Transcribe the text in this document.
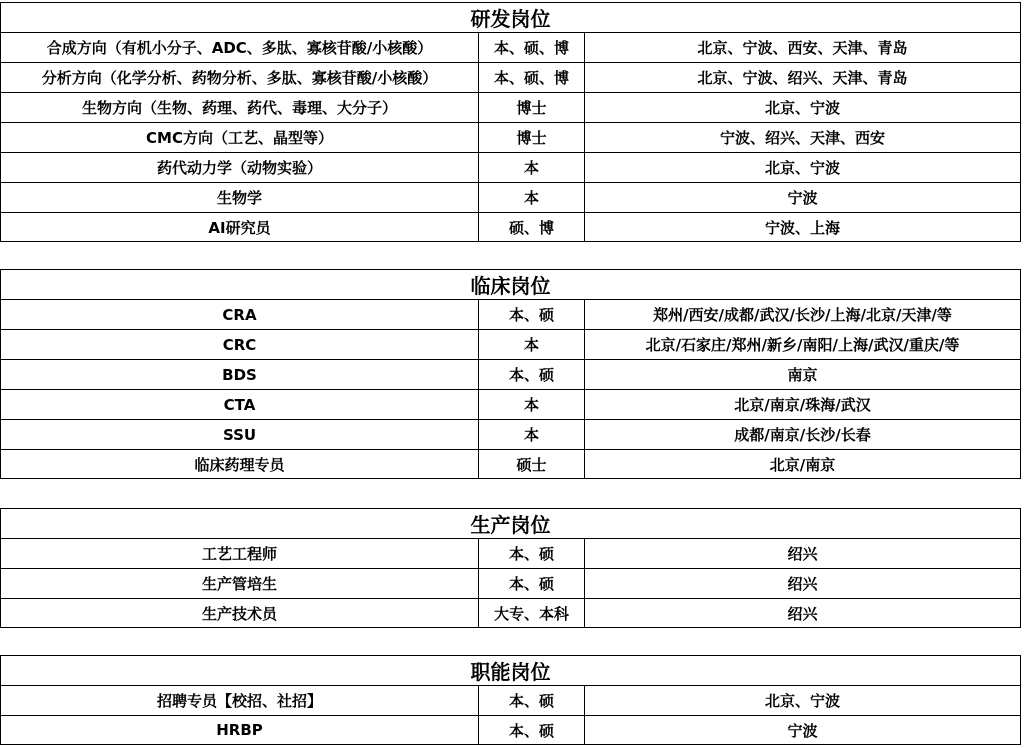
研发岗位
合成方向（有机小分子、ADC、多肽、寡核苷酸/小核酸）	本、硕、博	北京、宁波、西安、天津、青岛
分析方向（化学分析、药物分析、多肽、寡核苷酸/小核酸）	本、硕、博	北京、宁波、绍兴、天津、青岛
生物方向（生物、药理、药代、毒理、大分子）	博士	北京、宁波
CMC方向（工艺、晶型等）	博士	宁波、绍兴、天津、西安
药代动力学（动物实验）	本	北京、宁波
生物学	本	宁波
AI研究员	硕、博	宁波、上海
临床岗位
CRA	本、硕	郑州/西安/成都/武汉/长沙/上海/北京/天津/等
CRC	本	北京/石家庄/郑州/新乡/南阳/上海/武汉/重庆/等
BDS	本、硕	南京
CTA	本	北京/南京/珠海/武汉
SSU	本	成都/南京/长沙/长春
临床药理专员	硕士	北京/南京
生产岗位
工艺工程师	本、硕	绍兴
生产管培生	本、硕	绍兴
生产技术员	大专、本科	绍兴
职能岗位
招聘专员【校招、社招】	本、硕	北京、宁波
HRBP	本、硕	宁波
